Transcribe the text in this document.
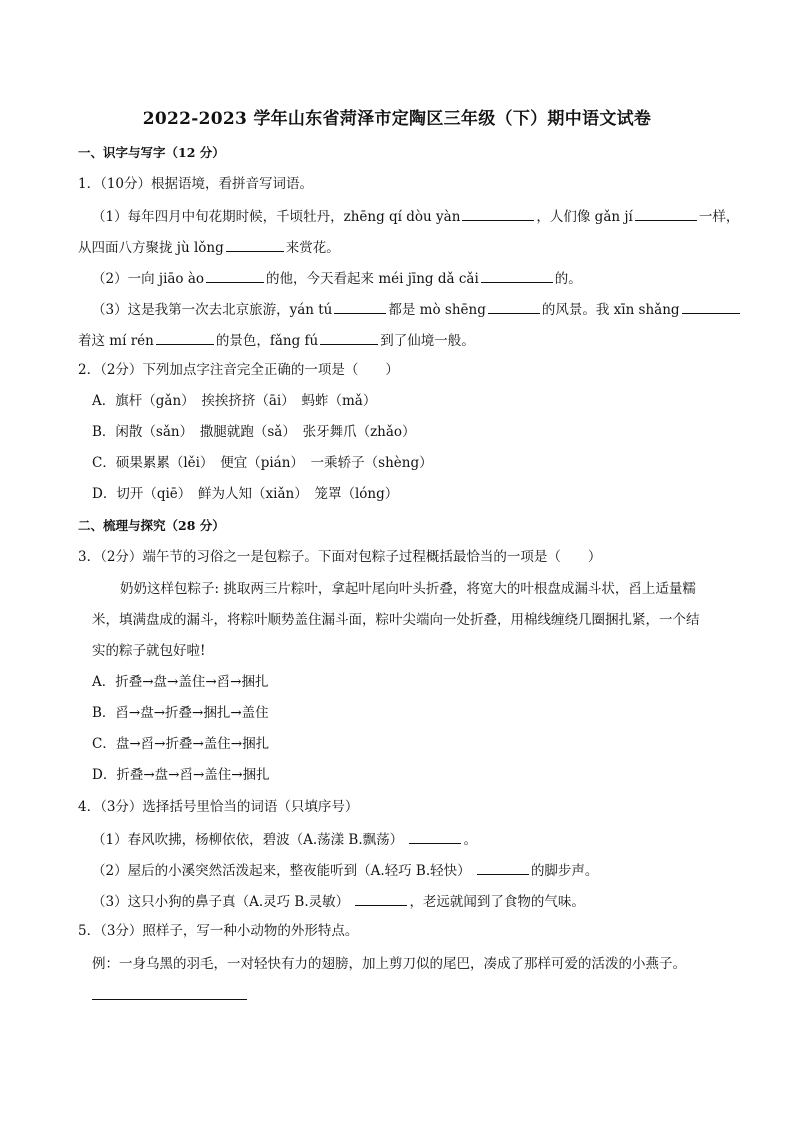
2022-2023 学年山东省菏泽市定陶区三年级（下）期中语文试卷
一、识字与写字（12 分）
1．（10分）根据语境，看拼音写词语。
（1）每年四月中旬花期时候，千顷牡丹，zhēng qí dòu yàn	，人们像 gǎn jí	一样，
从四面八方聚拢 jù lǒng	来赏花。
（2）一向 jiāo ào	的他，今天看起来 méi jīng dǎ cǎi	的。
（3）这是我第一次去北京旅游，yán tú	都是 mò shēng	的风景。我 xīn shǎng
着这 mí rén	的景色，fǎng fú	到了仙境一般。
2．（2分）下列加点字注音完全正确的一项是（　　）
A．旗杆（gǎn）　挨挨挤挤（āi）　蚂蚱（mǎ）
B．闲散（sǎn）　撒腿就跑（sǎ）　张牙舞爪（zhǎo）
C．硕果累累（lěi）　便宜（pián）　一乘轿子（shèng）
D．切开（qiē）　鲜为人知（xiǎn）　笼罩（lóng）
二、梳理与探究（28 分）
3．（2分）端午节的习俗之一是包粽子。下面对包粽子过程概括最恰当的一项是（　　）
奶奶这样包粽子: 挑取两三片粽叶，拿起叶尾向叶头折叠，将宽大的叶根盘成漏斗状，舀上适量糯
米，填满盘成的漏斗，将粽叶顺势盖住漏斗面，粽叶尖端向一处折叠，用棉线缠绕几圈捆扎紧，一个结
实的粽子就包好啦!
A．折叠→盘→盖住→舀→捆扎
B．舀→盘→折叠→捆扎→盖住
C．盘→舀→折叠→盖住→捆扎
D．折叠→盘→舀→盖住→捆扎
4．（3分）选择括号里恰当的词语（只填序号）
（1）春风吹拂，杨柳依依，碧波（A.荡漾 B.飘荡）	。
（2）屋后的小溪突然活泼起来，整夜能听到（A.轻巧 B.轻快）	的脚步声。
（3）这只小狗的鼻子真（A.灵巧 B.灵敏）	，老远就闻到了食物的气味。
5．（3分）照样子，写一种小动物的外形特点。
例：一身乌黑的羽毛，一对轻快有力的翅膀，加上剪刀似的尾巴，凑成了那样可爱的活泼的小燕子。
